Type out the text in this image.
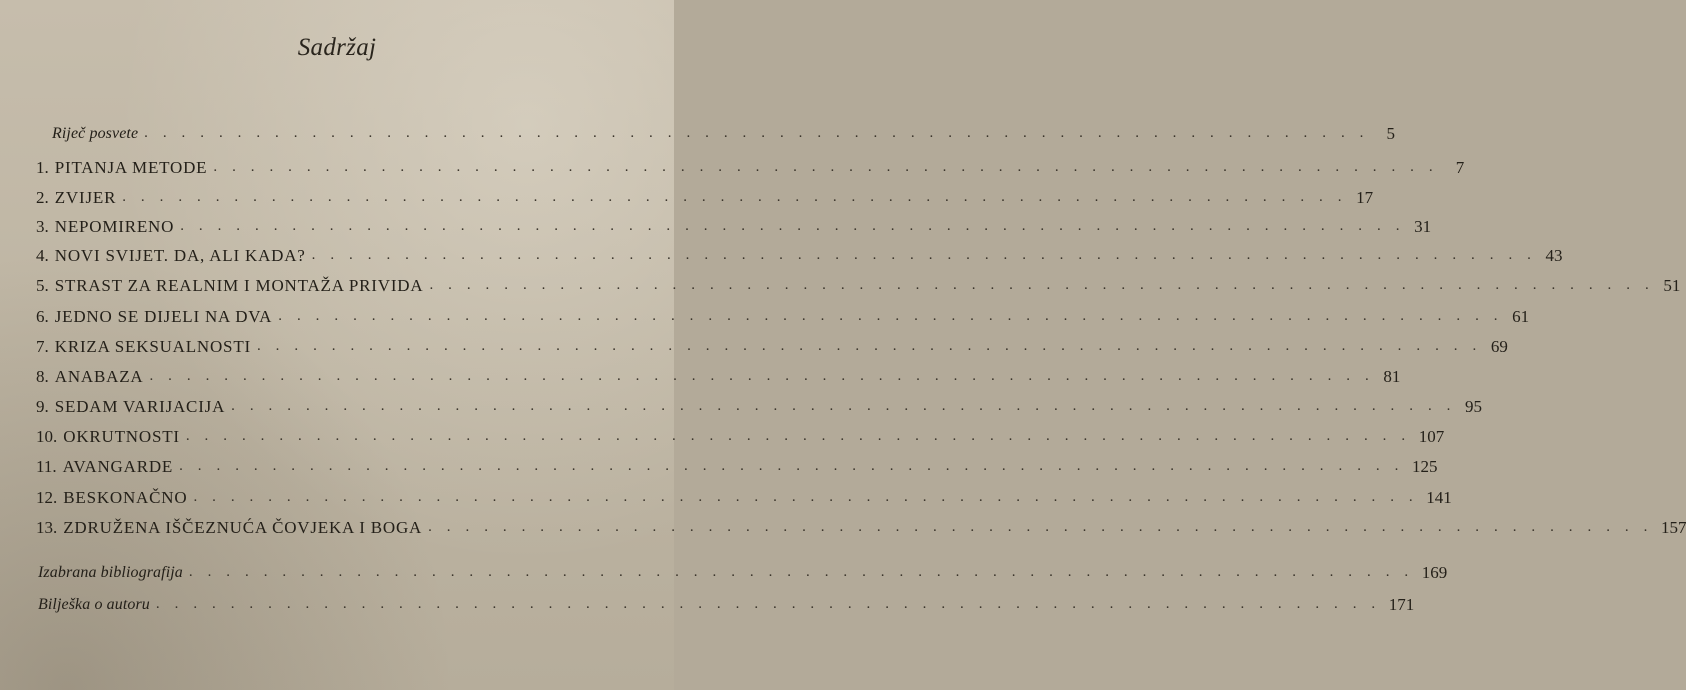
Sadržaj
Riječ posvete . . . . . . . . . . . . . . . . . . . . . . . . . . . . . . . . . . . . . . . . . . . . . . . . . . . . . . . . . . . . . . . . . .	5
1. PITANJA METODE . . . . . . . . . . . . . . . . . . . . . . . . . . . . . . . . . . . . . . . . . . . . . . . . . . . . . . . . . . . . . . . . . .	7
2. ZVIJER . . . . . . . . . . . . . . . . . . . . . . . . . . . . . . . . . . . . . . . . . . . . . . . . . . . . . . . . . . . . . . . . . . 17
3. NEPOMIRENO . . . . . . . . . . . . . . . . . . . . . . . . . . . . . . . . . . . . . . . . . . . . . . . . . . . . . . . . . . . . . . . . . . 31
4. NOVI SVIJET. DA, ALI KADA? . . . . . . . . . . . . . . . . . . . . . . . . . . . . . . . . . . . . . . . . . . . . . . . . . . . . . . . . . . . . . . . . . . 43
5. STRAST ZA REALNIM I MONTAŽA PRIVIDA . . . . . . . . . . . . . . . . . . . . . . . . . . . . . . . . . . . . . . . . . . . . . . . . . . . . . . . . . . . . . . . . . . 51
6. JEDNO SE DIJELI NA DVA . . . . . . . . . . . . . . . . . . . . . . . . . . . . . . . . . . . . . . . . . . . . . . . . . . . . . . . . . . . . . . . . . . 61
7. KRIZA SEKSUALNOSTI . . . . . . . . . . . . . . . . . . . . . . . . . . . . . . . . . . . . . . . . . . . . . . . . . . . . . . . . . . . . . . . . . . 69
8. ANABAZA . . . . . . . . . . . . . . . . . . . . . . . . . . . . . . . . . . . . . . . . . . . . . . . . . . . . . . . . . . . . . . . . . . 81
9. SEDAM VARIJACIJA . . . . . . . . . . . . . . . . . . . . . . . . . . . . . . . . . . . . . . . . . . . . . . . . . . . . . . . . . . . . . . . . . . 95
10. OKRUTNOSTI . . . . . . . . . . . . . . . . . . . . . . . . . . . . . . . . . . . . . . . . . . . . . . . . . . . . . . . . . . . . . . . . . . 107
11. AVANGARDE . . . . . . . . . . . . . . . . . . . . . . . . . . . . . . . . . . . . . . . . . . . . . . . . . . . . . . . . . . . . . . . . . . 125
12. BESKONAČNO . . . . . . . . . . . . . . . . . . . . . . . . . . . . . . . . . . . . . . . . . . . . . . . . . . . . . . . . . . . . . . . . . . 141
13. ZDRUŽENA IŠČEZNUĆA ČOVJEKA I BOGA . . . . . . . . . . . . . . . . . . . . . . . . . . . . . . . . . . . . . . . . . . . . . . . . . . . . . . . . . . . . . . . . . . 157
Izabrana bibliografija . . . . . . . . . . . . . . . . . . . . . . . . . . . . . . . . . . . . . . . . . . . . . . . . . . . . . . . . . . . . . . . . . . 169
Bilješka o autoru . . . . . . . . . . . . . . . . . . . . . . . . . . . . . . . . . . . . . . . . . . . . . . . . . . . . . . . . . . . . . . . . . . 171
